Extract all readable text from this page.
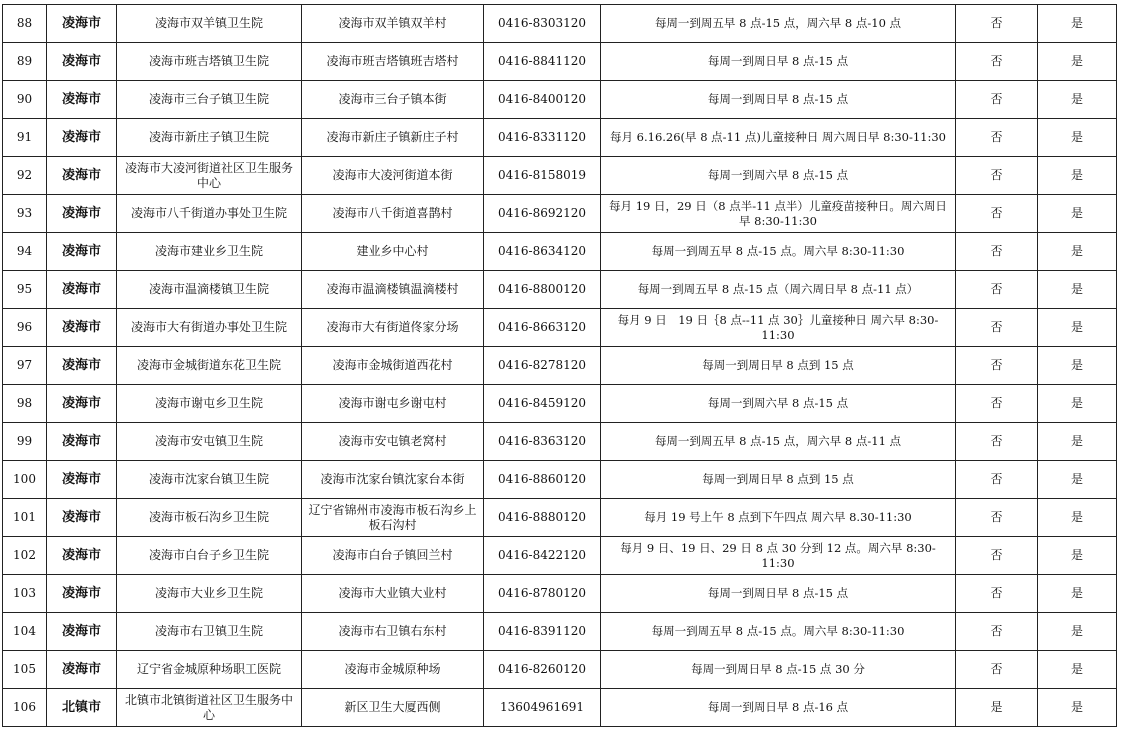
88	凌海市	凌海市双羊镇卫生院	凌海市双羊镇双羊村	0416-8303120	每周一到周五早 8 点-15 点，周六早 8 点-10 点	否	是
89	凌海市	凌海市班吉塔镇卫生院	凌海市班吉塔镇班吉塔村	0416-8841120	每周一到周日早 8 点-15 点	否	是
90	凌海市	凌海市三台子镇卫生院	凌海市三台子镇本街	0416-8400120	每周一到周日早 8 点-15 点	否	是
91	凌海市	凌海市新庄子镇卫生院	凌海市新庄子镇新庄子村	0416-8331120	每月 6.16.26(早 8 点-11 点)儿童接种日 周六周日早 8:30-11:30	否	是
92	凌海市	凌海市大凌河街道社区卫生服务中心	凌海市大凌河街道本街	0416-8158019	每周一到周六早 8 点-15 点	否	是
93	凌海市	凌海市八千街道办事处卫生院	凌海市八千街道喜鹊村	0416-8692120	每月 19 日，29 日（8 点半-11 点半）儿童疫苗接种日。周六周日早 8:30-11:30	否	是
94	凌海市	凌海市建业乡卫生院	建业乡中心村	0416-8634120	每周一到周五早 8 点-15 点。周六早 8:30-11:30	否	是
95	凌海市	凌海市温滴楼镇卫生院	凌海市温滴楼镇温滴楼村	0416-8800120	每周一到周五早 8 点-15 点（周六周日早 8 点-11 点）	否	是
96	凌海市	凌海市大有街道办事处卫生院	凌海市大有街道佟家分场	0416-8663120	每月 9 日　19 日｛8 点--11 点 30｝儿童接种日 周六早 8:30-11:30	否	是
97	凌海市	凌海市金城街道东花卫生院	凌海市金城街道西花村	0416-8278120	每周一到周日早 8 点到 15 点	否	是
98	凌海市	凌海市谢屯乡卫生院	凌海市谢屯乡谢屯村	0416-8459120	每周一到周六早 8 点-15 点	否	是
99	凌海市	凌海市安屯镇卫生院	凌海市安屯镇老窝村	0416-8363120	每周一到周五早 8 点-15 点，周六早 8 点-11 点	否	是
100	凌海市	凌海市沈家台镇卫生院	凌海市沈家台镇沈家台本街	0416-8860120	每周一到周日早 8 点到 15 点	否	是
101	凌海市	凌海市板石沟乡卫生院	辽宁省锦州市凌海市板石沟乡上板石沟村	0416-8880120	每月 19 号上午 8 点到下午四点 周六早 8.30-11:30	否	是
102	凌海市	凌海市白台子乡卫生院	凌海市白台子镇回兰村	0416-8422120	每月 9 日、19 日、29 日 8 点 30 分到 12 点。周六早 8:30-11:30	否	是
103	凌海市	凌海市大业乡卫生院	凌海市大业镇大业村	0416-8780120	每周一到周日早 8 点-15 点	否	是
104	凌海市	凌海市右卫镇卫生院	凌海市右卫镇右东村	0416-8391120	每周一到周五早 8 点-15 点。周六早 8:30-11:30	否	是
105	凌海市	辽宁省金城原种场职工医院	凌海市金城原种场	0416-8260120	每周一到周日早 8 点-15 点 30 分	否	是
106	北镇市	北镇市北镇街道社区卫生服务中心	新区卫生大厦西侧	13604961691	每周一到周日早 8 点-16 点	是	是
